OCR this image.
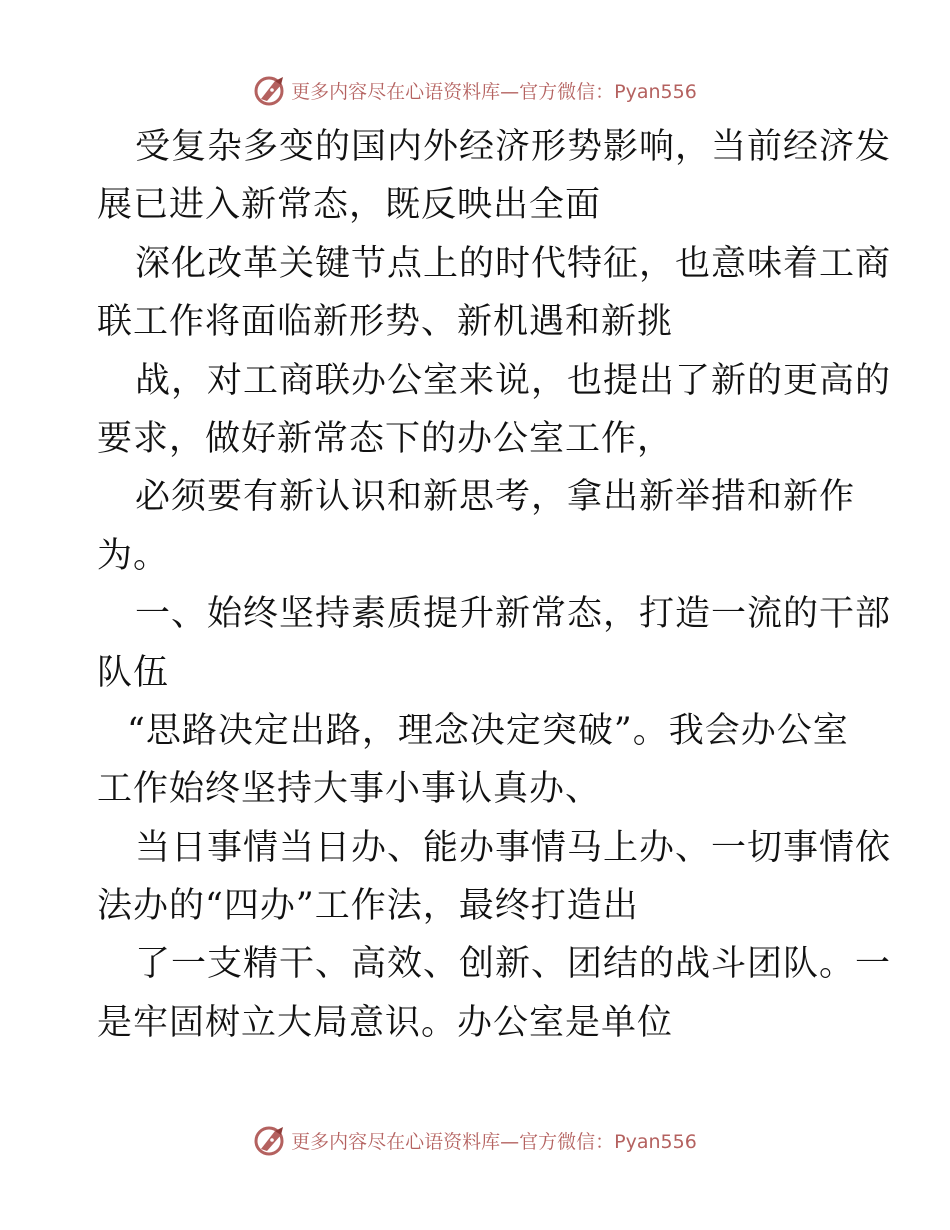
更多内容尽在心语资料库—官方微信：Pyan556
受复杂多变的国内外经济形势影响，当前经济发
展已进入新常态，既反映出全面
深化改革关键节点上的时代特征，也意味着工商
联工作将面临新形势、新机遇和新挑
战，对工商联办公室来说，也提出了新的更高的
要求，做好新常态下的办公室工作，
必须要有新认识和新思考，拿出新举措和新作
为。
一、始终坚持素质提升新常态，打造一流的干部
队伍
“思路决定出路，理念决定突破”。我会办公室
工作始终坚持大事小事认真办、
当日事情当日办、能办事情马上办、一切事情依
法办的“四办”工作法，最终打造出
了一支精干、高效、创新、团结的战斗团队。一
是牢固树立大局意识。办公室是单位
更多内容尽在心语资料库—官方微信：Pyan556
